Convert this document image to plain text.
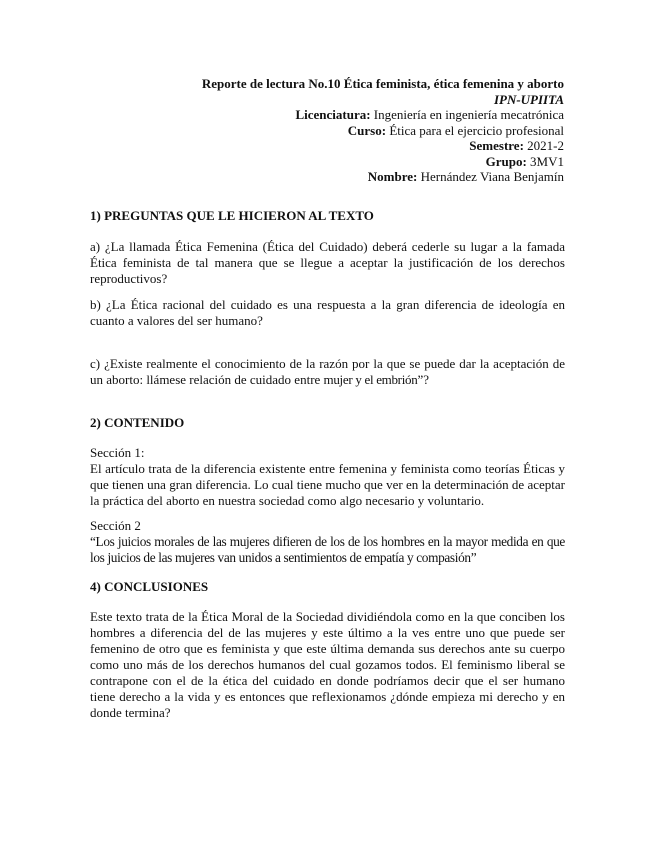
Reporte de lectura No.10 Ética feminista, ética femenina y aborto
IPN-UPIITA
Licenciatura: Ingeniería en ingeniería mecatrónica
Curso: Ética para el ejercicio profesional
Semestre: 2021-2
Grupo: 3MV1
Nombre: Hernández Viana Benjamín
1) PREGUNTAS QUE LE HICIERON AL TEXTO

a) ¿La llamada Ética Femenina (Ética del Cuidado) deberá cederle su lugar a la famada Ética feminista de tal manera que se llegue a aceptar la justificación de los derechos reproductivos?

b) ¿La Ética racional del cuidado es una respuesta a la gran diferencia de ideología en cuanto a valores del ser humano?

c) ¿Existe realmente el conocimiento de la razón por la que se puede dar la aceptación de un aborto: llámese relación de cuidado entre mujer y el embrión”?

2) CONTENIDO
Sección 1:
El artículo trata de la diferencia existente entre femenina y feminista como teorías Éticas y que tienen una gran diferencia. Lo cual tiene mucho que ver en la determinación de aceptar la práctica del aborto en nuestra sociedad como algo necesario y voluntario.
Sección 2
“Los juicios morales de las mujeres difieren de los de los hombres en la mayor medida en que los juicios de las mujeres van unidos a sentimientos de empatía y compasión”
4) CONCLUSIONES
Este texto trata de la Ética Moral de la Sociedad dividiéndola como en la que conciben los hombres a diferencia del de las mujeres y este último a la ves entre uno que puede ser femenino de otro que es feminista y que este última demanda sus derechos ante su cuerpo como uno más de los derechos humanos del cual gozamos todos. El feminismo liberal se contrapone con el de la ética del cuidado en donde podríamos decir que el ser humano tiene derecho a la vida y es entonces que reflexionamos ¿dónde empieza mi derecho y en donde termina?
